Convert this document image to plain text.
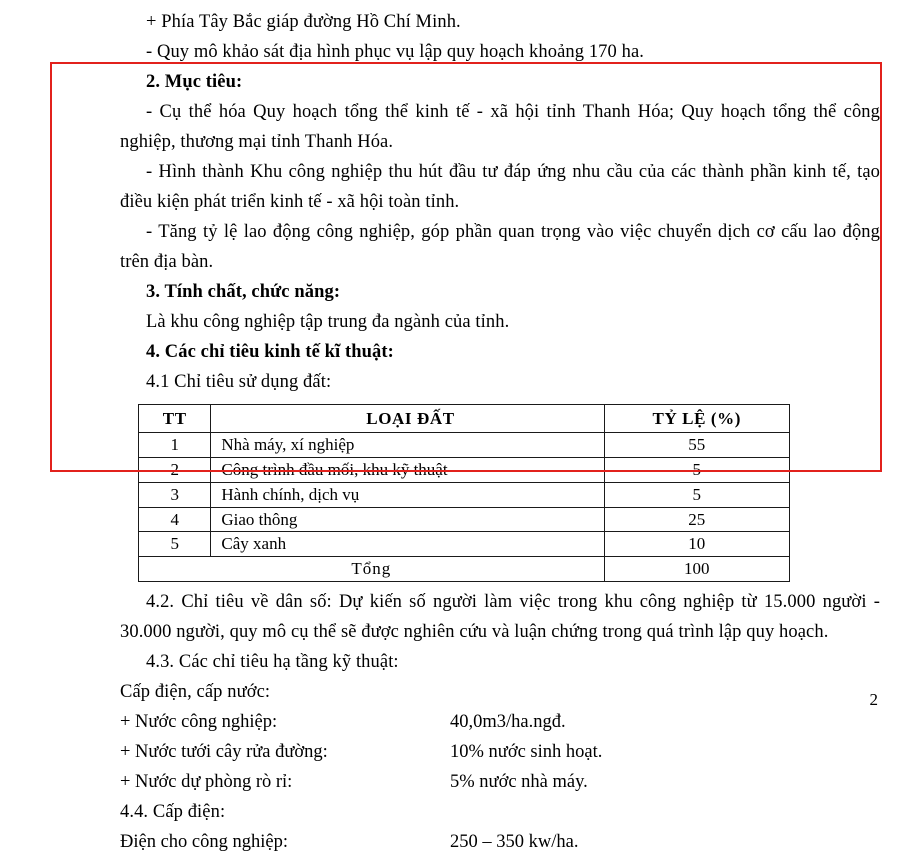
+ Phía Tây Bắc giáp đường Hồ Chí Minh.

- Quy mô khảo sát địa hình phục vụ lập quy hoạch khoảng 170 ha.

2. Mục tiêu:

- Cụ thể hóa Quy hoạch tổng thể kinh tế - xã hội tỉnh Thanh Hóa; Quy hoạch tổng thể công nghiệp, thương mại tỉnh Thanh Hóa.

- Hình thành Khu công nghiệp thu hút đầu tư đáp ứng nhu cầu của các thành phần kinh tế, tạo điều kiện phát triển kinh tế - xã hội toàn tỉnh.

- Tăng tỷ lệ lao động công nghiệp, góp phần quan trọng vào việc chuyển dịch cơ cấu lao động trên địa bàn.

3. Tính chất, chức năng:

Là khu công nghiệp tập trung đa ngành của tỉnh.

4. Các chỉ tiêu kinh tế kĩ thuật:

4.1 Chỉ tiêu sử dụng đất:

TT	LOẠI ĐẤT	TỶ LỆ (%)
1	Nhà máy, xí nghiệp	55
2	Công trình đầu mối, khu kỹ thuật	5
3	Hành chính, dịch vụ	5
4	Giao thông	25
5	Cây xanh	10
Tổng		100

4.2. Chỉ tiêu về dân số: Dự kiến số người làm việc trong khu công nghiệp từ 15.000 người - 30.000 người, quy mô cụ thể sẽ được nghiên cứu và luận chứng trong quá trình lập quy hoạch.

4.3. Các chỉ tiêu hạ tầng kỹ thuật:

Cấp điện, cấp nước:

+ Nước công nghiệp:	40,0m3/ha.ngđ.
+ Nước tưới cây rửa đường:	10% nước sinh hoạt.
+ Nước dự phòng rò rỉ:	5% nước nhà máy.

4.4. Cấp điện:

Điện cho công nghiệp:	250 – 350 kw/ha.
2
